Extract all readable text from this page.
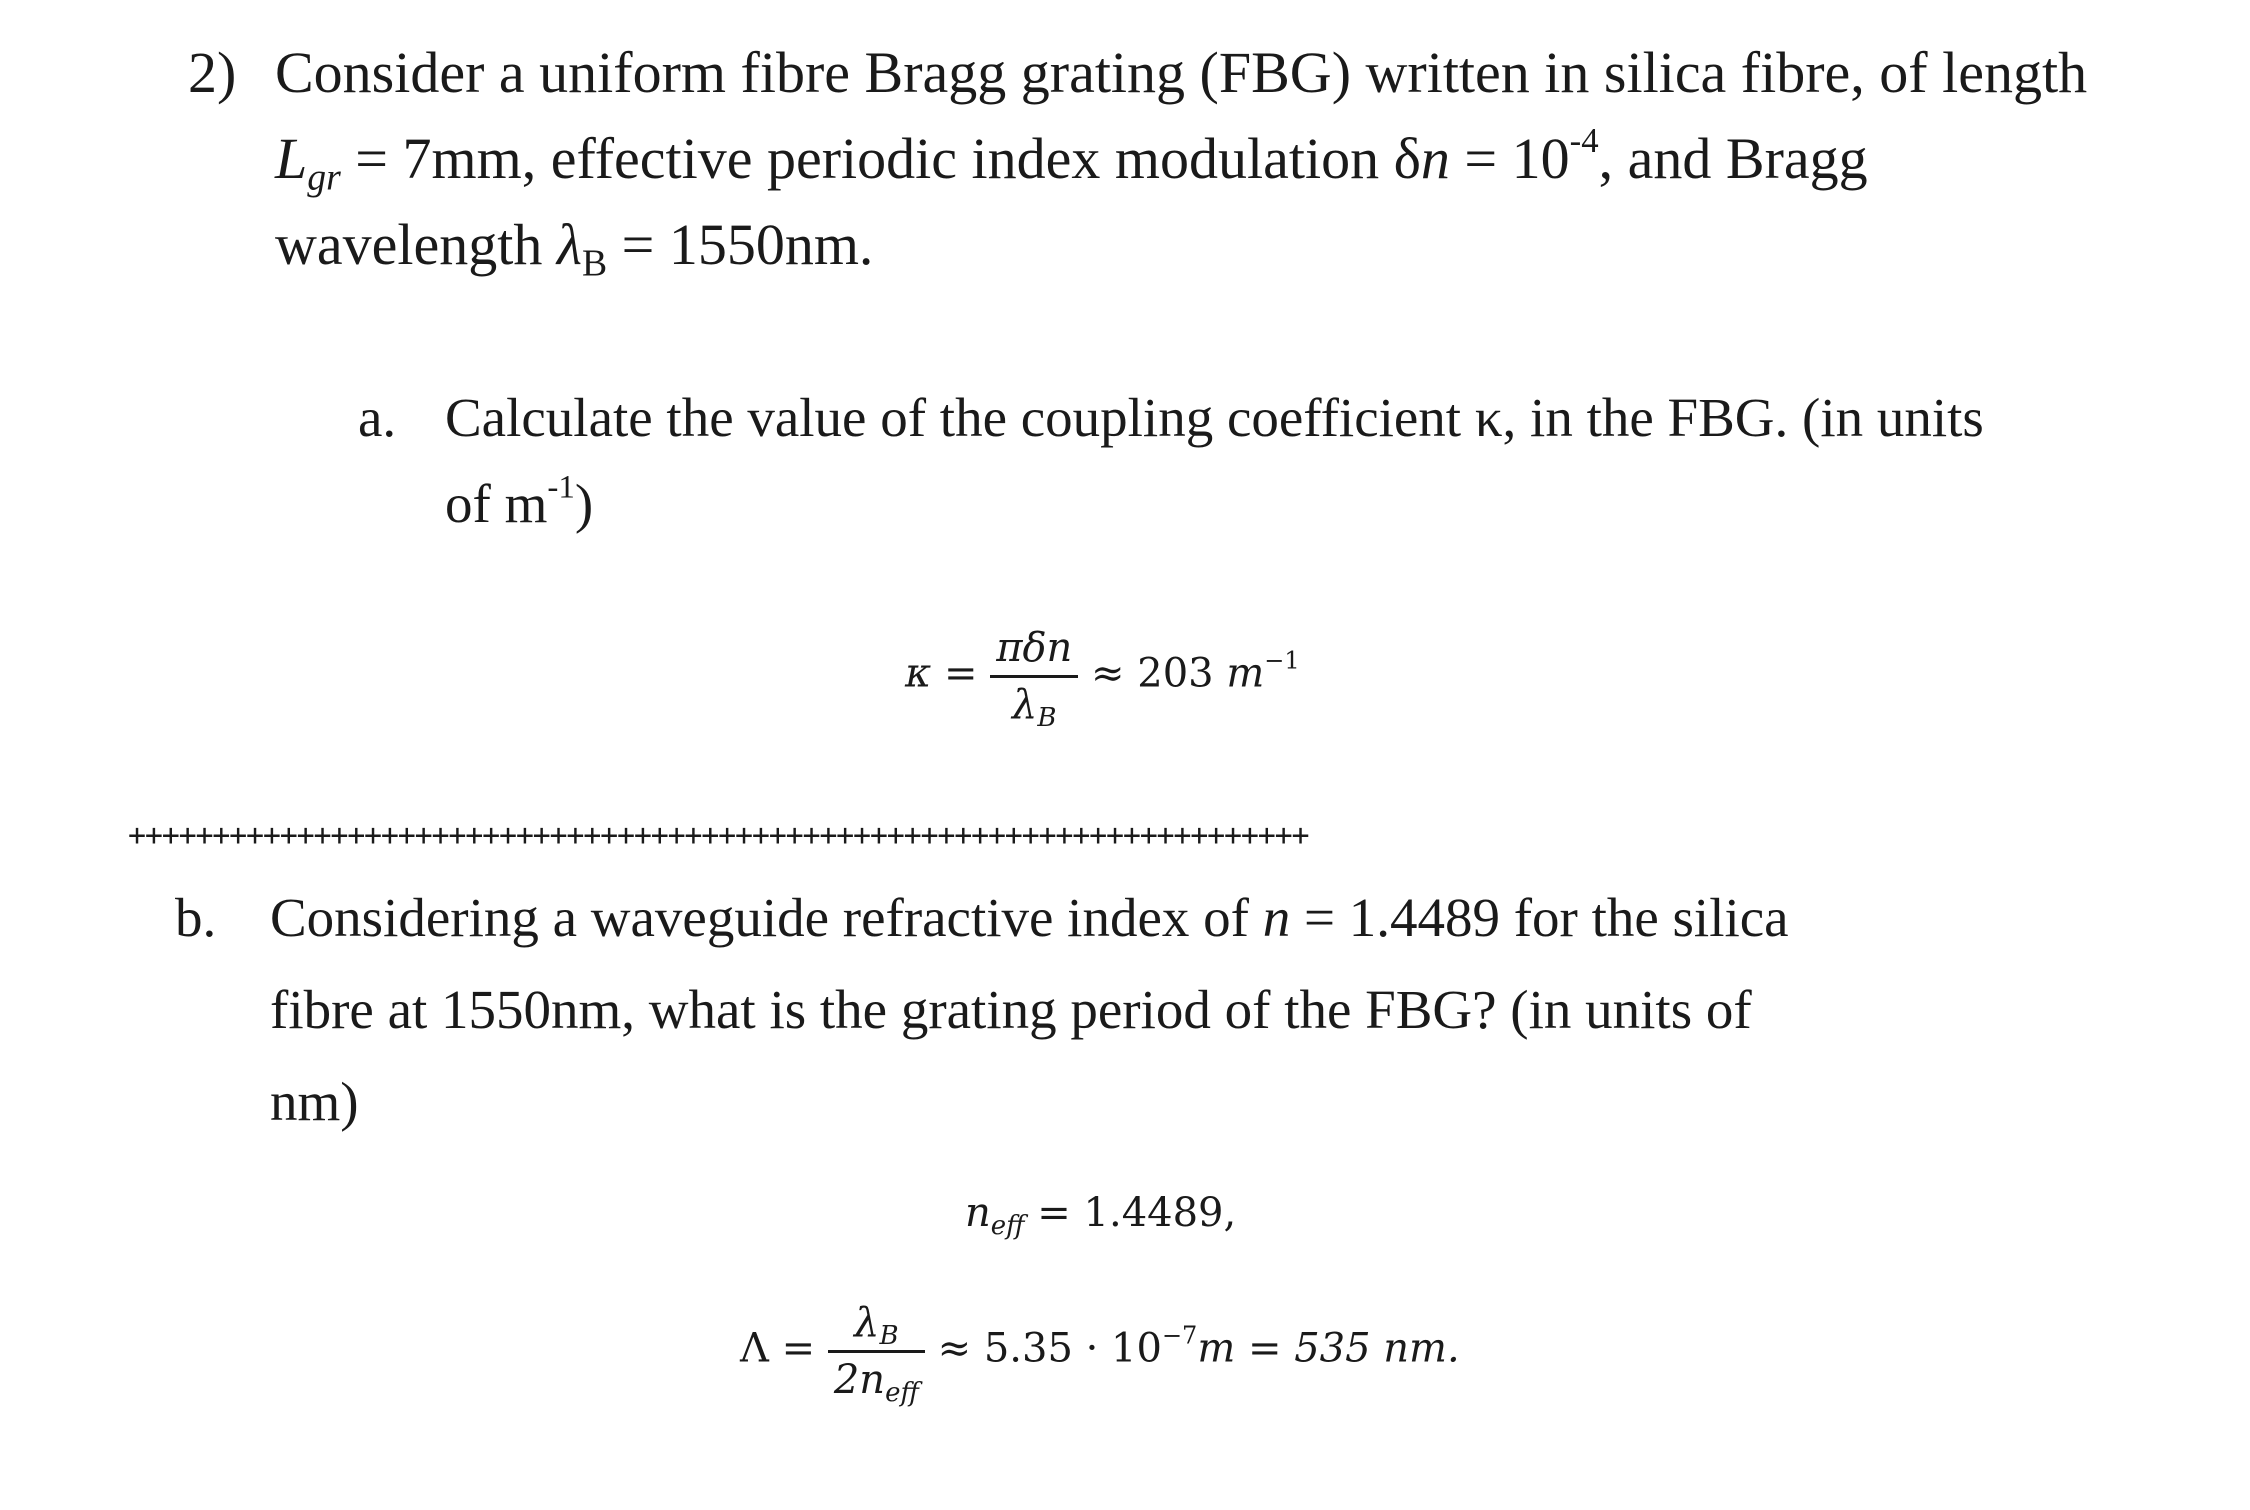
2) Consider a uniform fibre Bragg grating (FBG) written in silica fibre, of length
$L_{gr} = 7mm$, effective periodic index modulation $\delta n = 10^{-4}$, and Bragg
wavelength $\lambda_B = 1550nm$.
a. Calculate the value of the coupling coefficient κ, in the FBG. (in units
of $m^{-1}$)
$\kappa = \frac{\text{πδn}}{\lambda_B} \approx 203$ $m^{-1}$
++++++++++++++++++++++++++++++++++++++++++++++++++++++++++++++++++++++
b. Considering a waveguide refractive index of n = 1.4489 for the silica
fibre at 1550nm, what is the grating period of the FBG? (in units of
nm)
$n_{eff} = 1.4489$,
$\Lambda = \frac{\lambda_B}{2n_{eff}} \approx 5.35 \cdot 10^{-7}m = 535$ nm.
